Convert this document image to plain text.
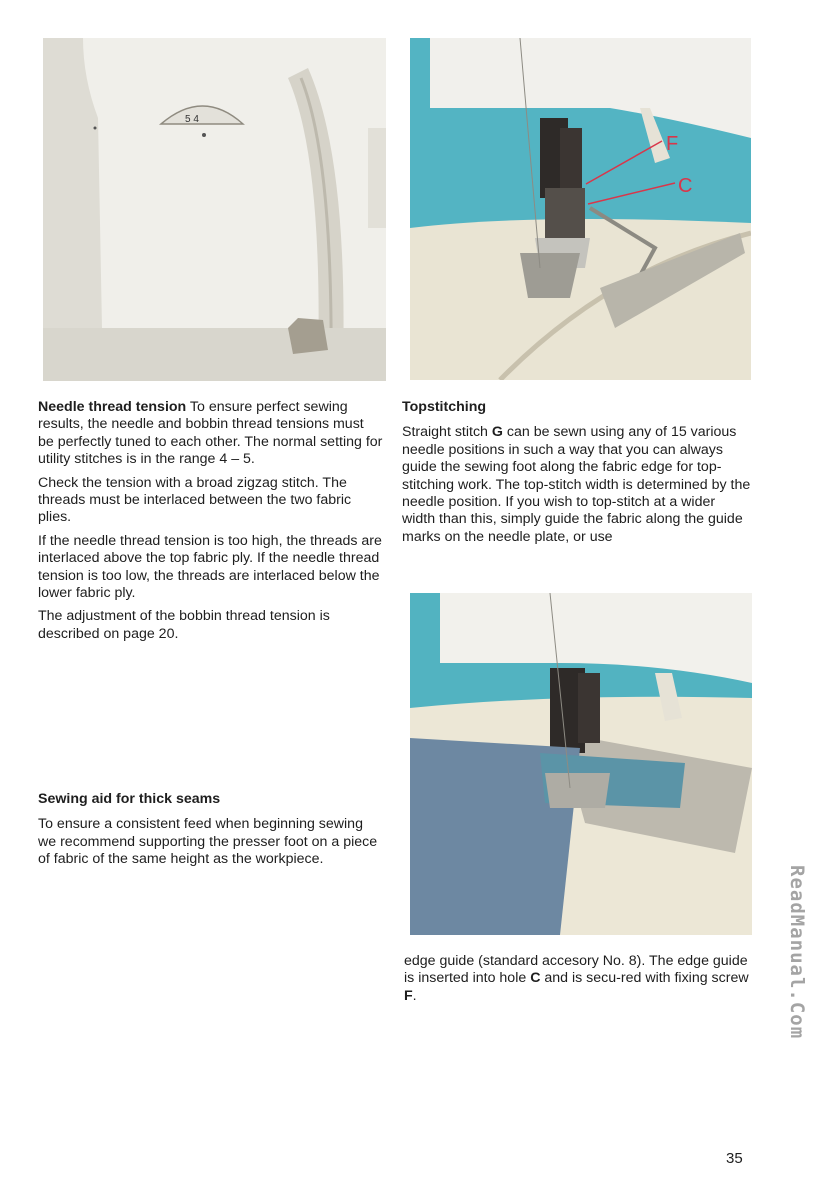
5 4
F
C

Needle thread tension To ensure perfect sewing results, the needle and bobbin thread tensions must be perfectly tuned to each other. The normal setting for utility stitches is in the range 4 – 5.

Check the tension with a broad zigzag stitch. The threads must be interlaced between the two fabric plies.

If the needle thread tension is too high, the threads are interlaced above the top fabric ply. If the needle thread tension is too low, the threads are interlaced below the lower fabric ply.

The adjustment of the bobbin thread tension is described on page 20.

Sewing aid for thick seams

To ensure a consistent feed when beginning sewing we recommend supporting the presser foot on a piece of fabric of the same height as the workpiece.

Topstitching

Straight stitch G can be sewn using any of 15 various needle positions in such a way that you can always guide the sewing foot along the fabric edge for top-stitching work. The top-stitch width is determined by the needle position. If you wish to top-stitch at a wider width than this, simply guide the fabric along the guide marks on the needle plate, or use

edge guide (standard accesory No. 8). The edge guide is inserted into hole C and is secu-red with fixing screw F.

35
ReadManual.Com
